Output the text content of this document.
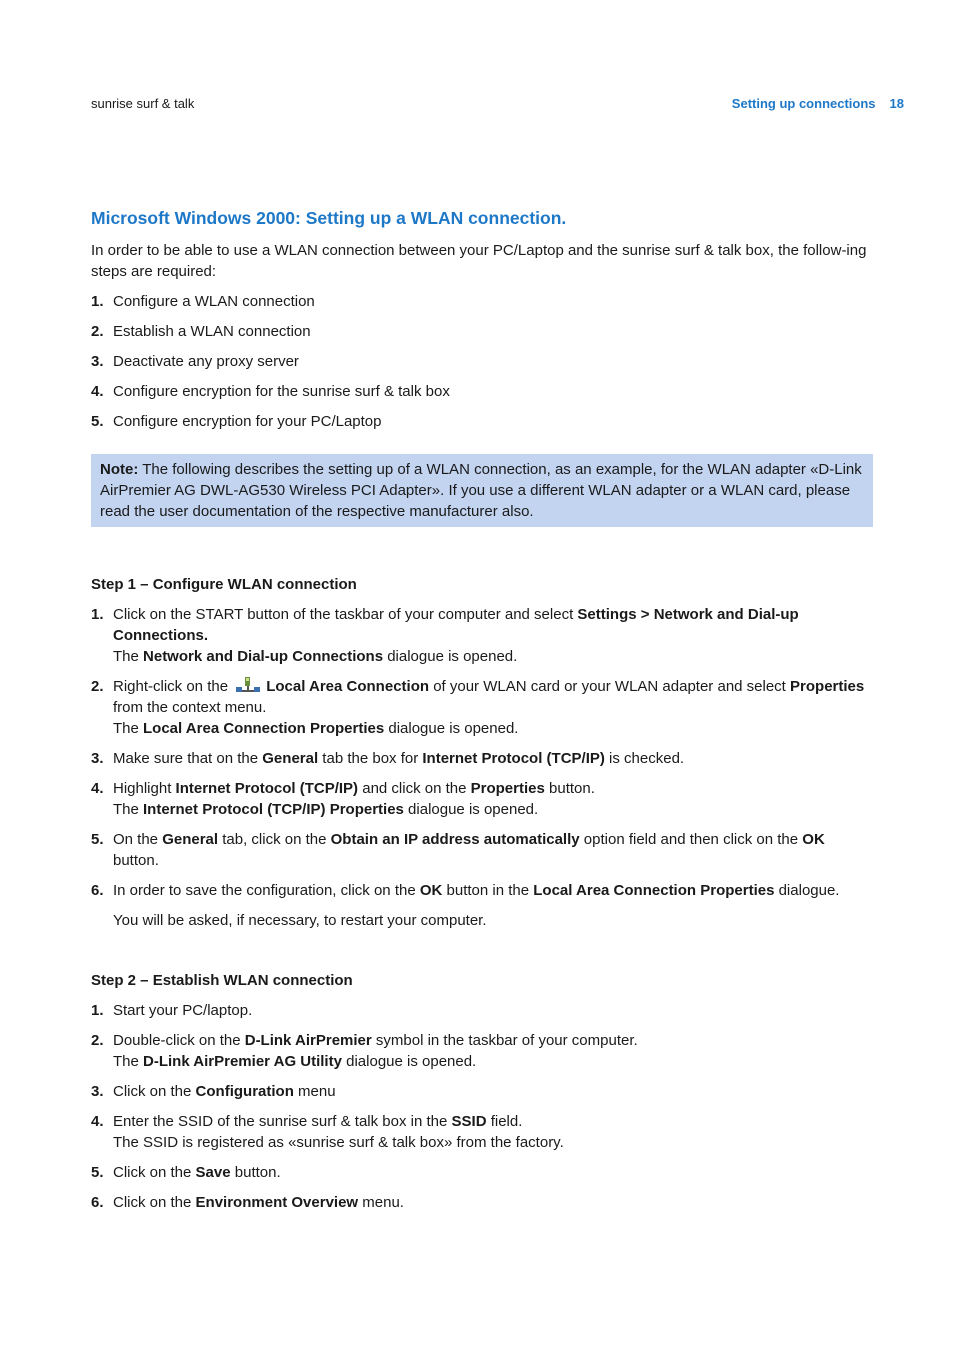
sunrise surf & talk	Setting up connections 18
Microsoft Windows 2000: Setting up a WLAN connection.

In order to be able to use a WLAN connection between your PC/Laptop and the sunrise surf & talk box, the follow-ing steps are required:

1. Configure a WLAN connection
2. Establish a WLAN connection
3. Deactivate any proxy server
4. Configure encryption for the sunrise surf & talk box
5. Configure encryption for your PC/Laptop
Note: The following describes the setting up of a WLAN connection, as an example, for the WLAN adapter «D-Link AirPremier AG DWL-AG530 Wireless PCI Adapter». If you use a different WLAN adapter or a WLAN card, please read the user documentation of the respective manufacturer also.
Step 1 – Configure WLAN connection
1. Click on the START button of the taskbar of your computer and select Settings > Network and Dial-up Connections.
The Network and Dial-up Connections dialogue is opened.
2. Right-click on the Local Area Connection of your WLAN card or your WLAN adapter and select Properties from the context menu.
The Local Area Connection Properties dialogue is opened.
3. Make sure that on the General tab the box for Internet Protocol (TCP/IP) is checked.
4. Highlight Internet Protocol (TCP/IP) and click on the Properties button.
The Internet Protocol (TCP/IP) Properties dialogue is opened.
5. On the General tab, click on the Obtain an IP address automatically option field and then click on the OK button.
6. In order to save the configuration, click on the OK button in the Local Area Connection Properties dialogue.

You will be asked, if necessary, to restart your computer.

Step 2 – Establish WLAN connection
1. Start your PC/laptop.
2. Double-click on the D-Link AirPremier symbol in the taskbar of your computer.
The D-Link AirPremier AG Utility dialogue is opened.
3. Click on the Configuration menu
4. Enter the SSID of the sunrise surf & talk box in the SSID field.
The SSID is registered as «sunrise surf & talk box» from the factory.
5. Click on the Save button.
6. Click on the Environment Overview menu.
